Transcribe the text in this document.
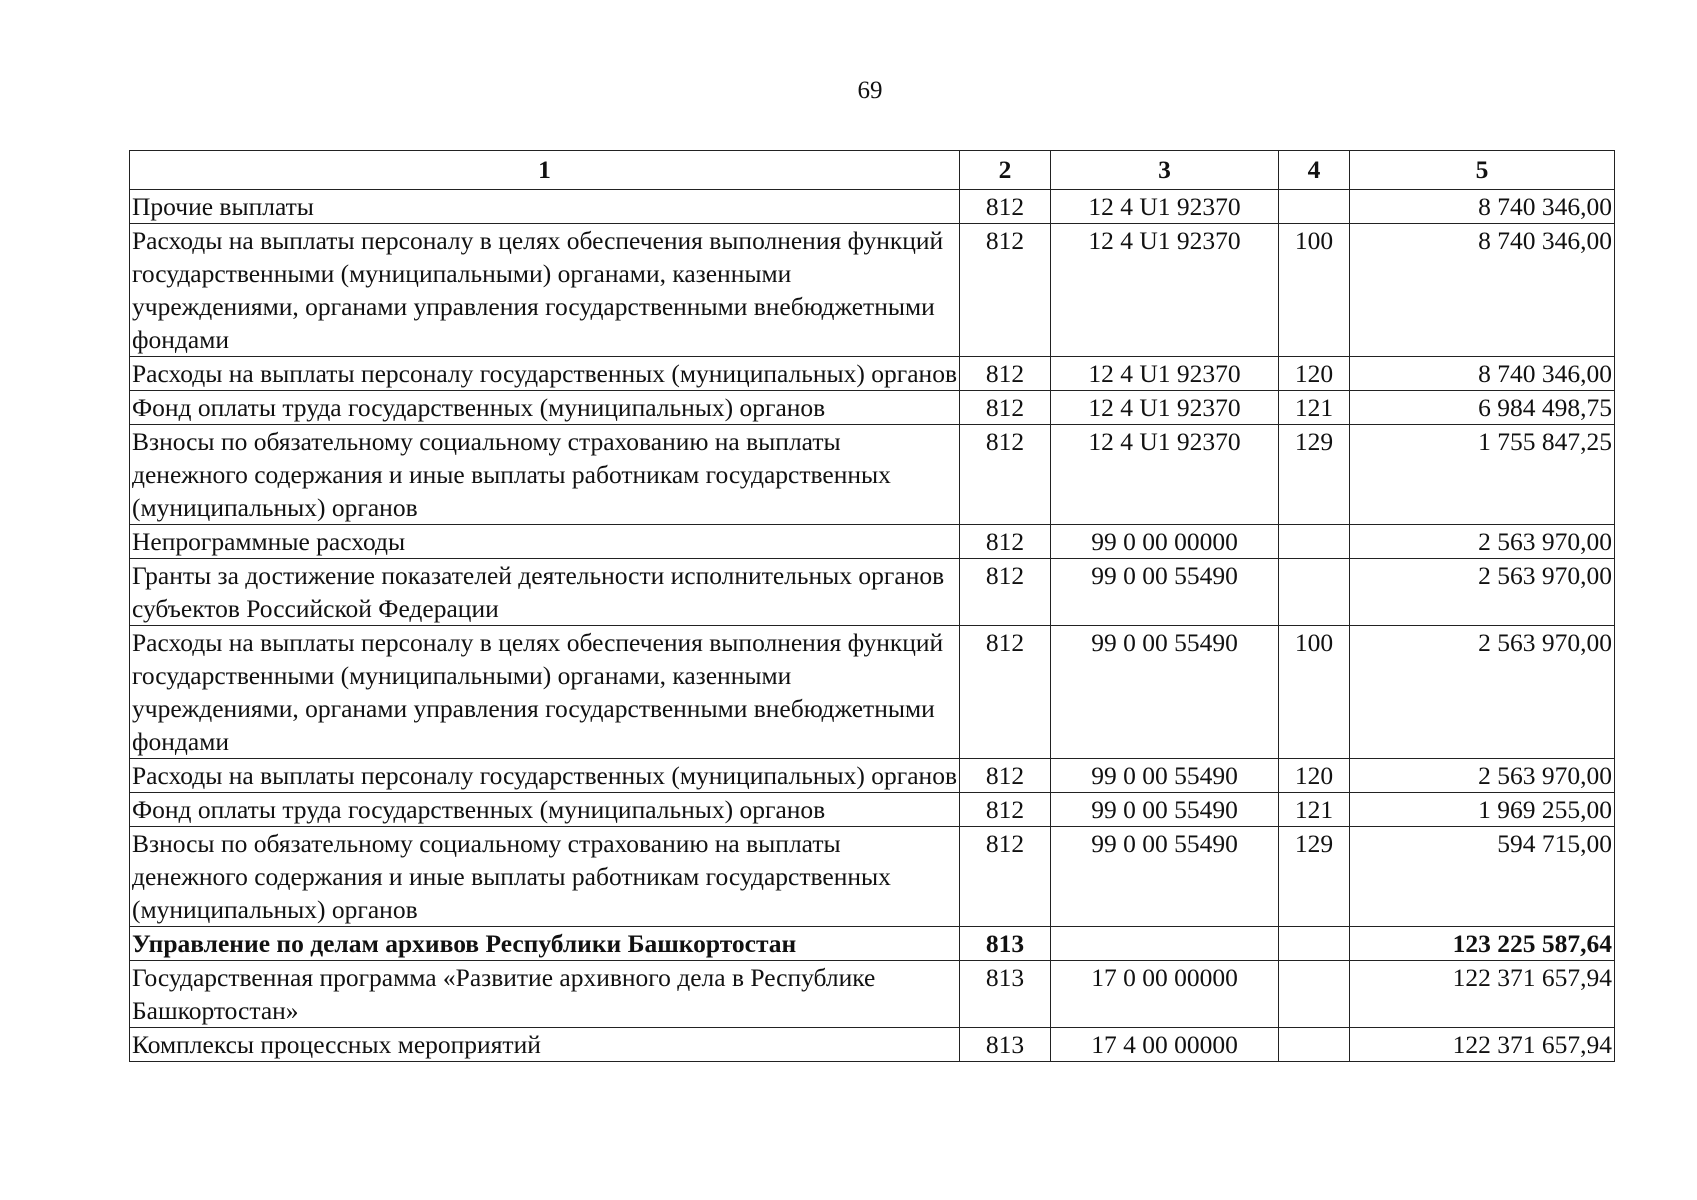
69
1	2	3	4	5
Прочие выплаты	812	12 4 U1 92370		8 740 346,00
Расходы на выплаты персоналу в целях обеспечения выполнения функций государственными (муниципальными) органами, казенными учреждениями, органами управления государственными внебюджетными фондами	812	12 4 U1 92370	100	8 740 346,00
Расходы на выплаты персоналу государственных (муниципальных) органов	812	12 4 U1 92370	120	8 740 346,00
Фонд оплаты труда государственных (муниципальных) органов	812	12 4 U1 92370	121	6 984 498,75
Взносы по обязательному социальному страхованию на выплаты денежного содержания и иные выплаты работникам государственных (муниципальных) органов	812	12 4 U1 92370	129	1 755 847,25
Непрограммные расходы	812	99 0 00 00000		2 563 970,00
Гранты за достижение показателей деятельности исполнительных органов субъектов Российской Федерации	812	99 0 00 55490		2 563 970,00
Расходы на выплаты персоналу в целях обеспечения выполнения функций государственными (муниципальными) органами, казенными учреждениями, органами управления государственными внебюджетными фондами	812	99 0 00 55490	100	2 563 970,00
Расходы на выплаты персоналу государственных (муниципальных) органов	812	99 0 00 55490	120	2 563 970,00
Фонд оплаты труда государственных (муниципальных) органов	812	99 0 00 55490	121	1 969 255,00
Взносы по обязательному социальному страхованию на выплаты денежного содержания и иные выплаты работникам государственных (муниципальных) органов	812	99 0 00 55490	129	594 715,00
Управление по делам архивов Республики Башкортостан	813			123 225 587,64
Государственная программа «Развитие архивного дела в Республике Башкортостан»	813	17 0 00 00000		122 371 657,94
Комплексы процессных мероприятий	813	17 4 00 00000		122 371 657,94
